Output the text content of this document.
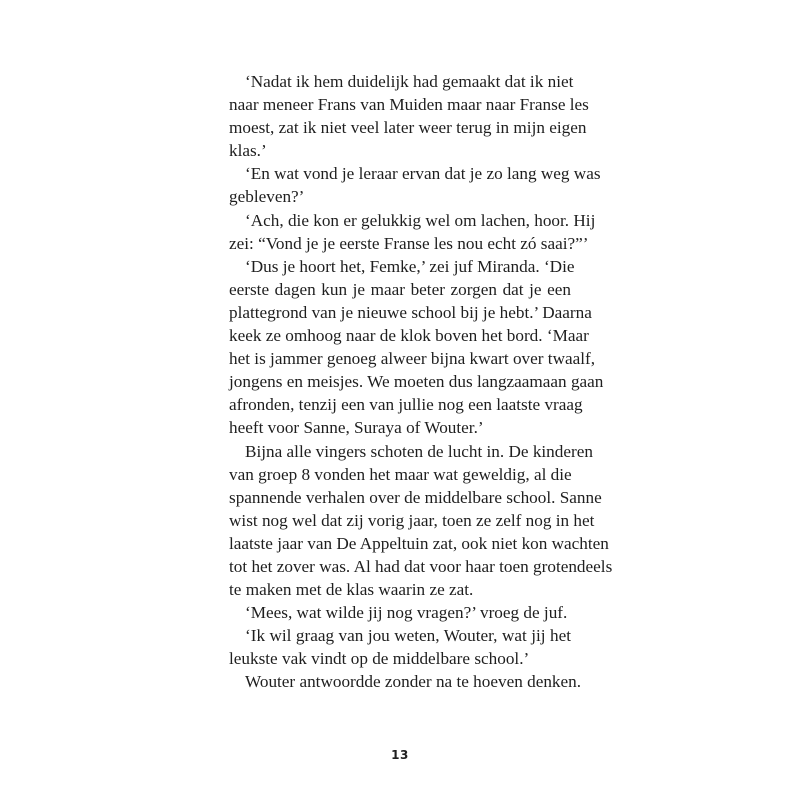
‘Nadat ik hem duidelijk had gemaakt dat ik niet
naar meneer Frans van Muiden maar naar Franse les
moest, zat ik niet veel later weer terug in mijn eigen
klas.’
‘En wat vond je leraar ervan dat je zo lang weg was
gebleven?’
‘Ach, die kon er gelukkig wel om lachen, hoor. Hij
zei: “Vond je je eerste Franse les nou echt zó saai?”’
‘Dus je hoort het, Femke,’ zei juf Miranda. ‘Die
eerste dagen kun je maar beter zorgen dat je een
plattegrond van je nieuwe school bij je hebt.’ Daarna
keek ze omhoog naar de klok boven het bord. ‘Maar
het is jammer genoeg alweer bijna kwart over twaalf,
jongens en meisjes. We moeten dus langzaamaan gaan
afronden, tenzij een van jullie nog een laatste vraag
heeft voor Sanne, Suraya of Wouter.’
Bijna alle vingers schoten de lucht in. De kinderen
van groep 8 vonden het maar wat geweldig, al die
spannende verhalen over de middelbare school. Sanne
wist nog wel dat zij vorig jaar, toen ze zelf nog in het
laatste jaar van De Appeltuin zat, ook niet kon wachten
tot het zover was. Al had dat voor haar toen grotendeels
te maken met de klas waarin ze zat.
‘Mees, wat wilde jij nog vragen?’ vroeg de juf.
‘Ik wil graag van jou weten, Wouter, wat jij het
leukste vak vindt op de middelbare school.’
Wouter antwoordde zonder na te hoeven denken.
13
